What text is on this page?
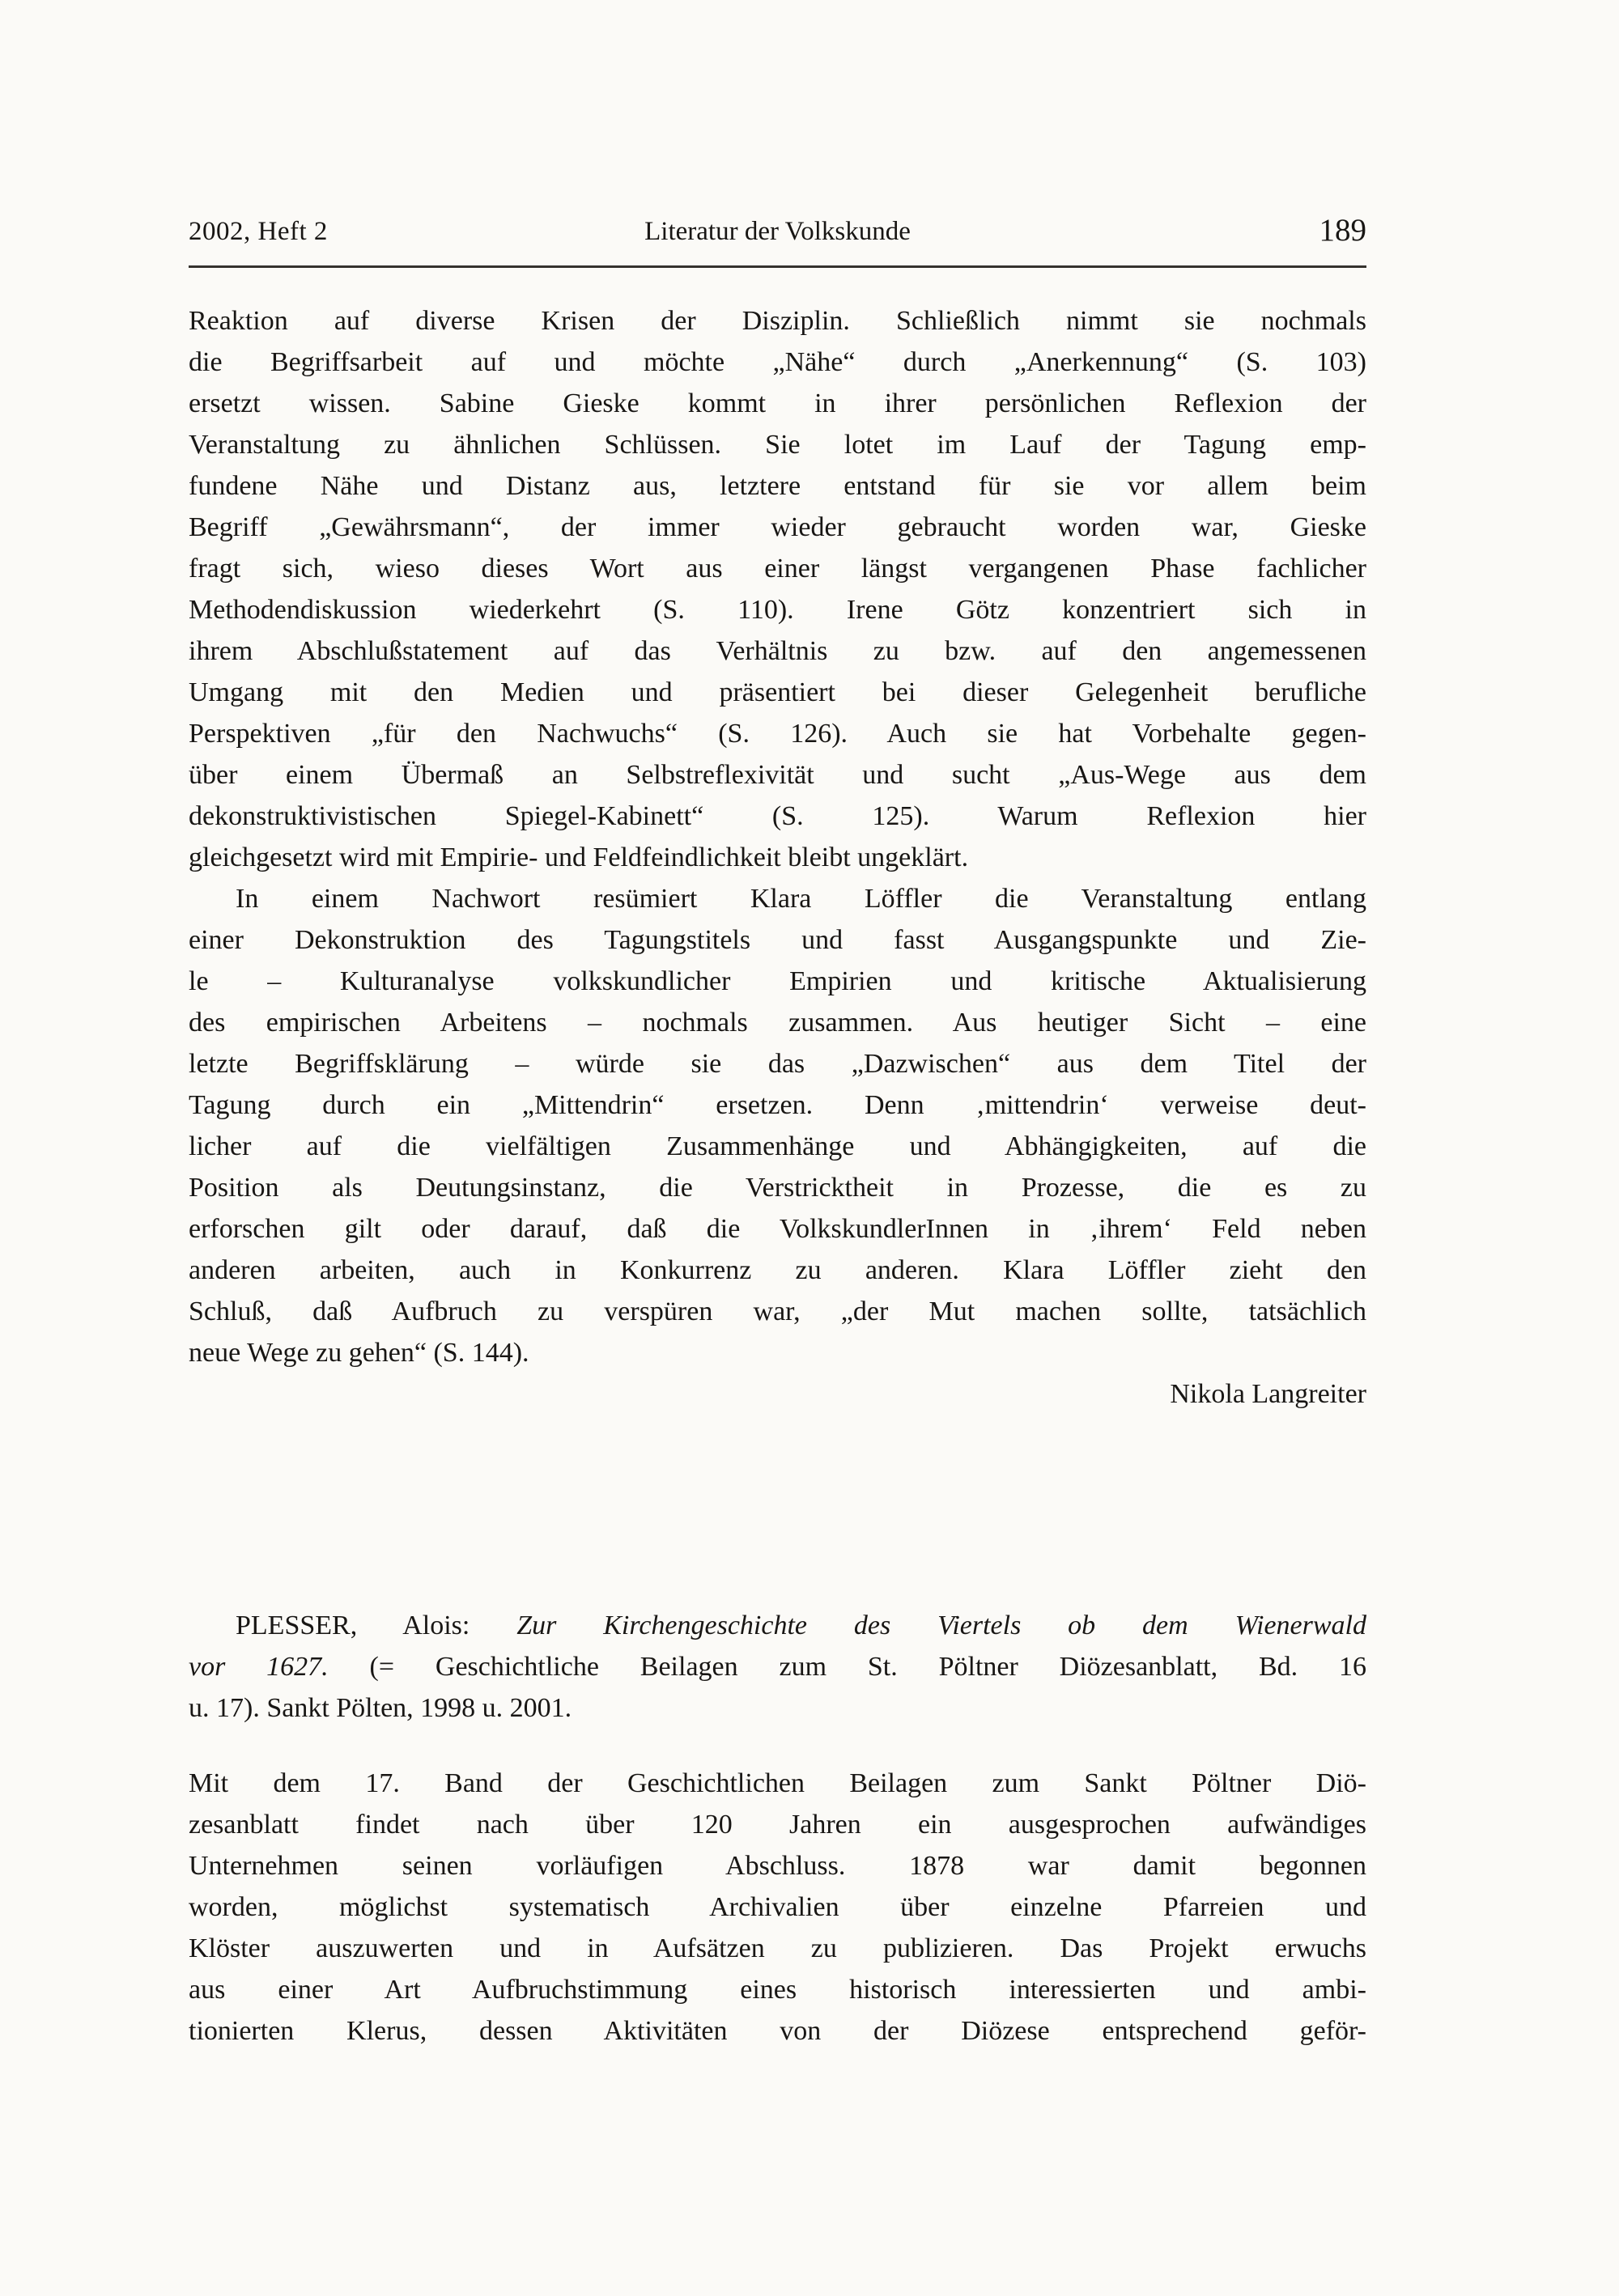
2002, Heft 2	Literatur der Volkskunde	189
Reaktion auf diverse Krisen der Disziplin. Schließlich nimmt sie nochmals
die Begriffsarbeit auf und möchte „Nähe“ durch „Anerkennung“ (S. 103)
ersetzt wissen. Sabine Gieske kommt in ihrer persönlichen Reflexion der
Veranstaltung zu ähnlichen Schlüssen. Sie lotet im Lauf der Tagung emp-
fundene Nähe und Distanz aus, letztere entstand für sie vor allem beim
Begriff „Gewährsmann“, der immer wieder gebraucht worden war, Gieske
fragt sich, wieso dieses Wort aus einer längst vergangenen Phase fachlicher
Methodendiskussion wiederkehrt (S. 110). Irene Götz konzentriert sich in
ihrem Abschlußstatement auf das Verhältnis zu bzw. auf den angemessenen
Umgang mit den Medien und präsentiert bei dieser Gelegenheit berufliche
Perspektiven „für den Nachwuchs“ (S. 126). Auch sie hat Vorbehalte gegen-
über einem Übermaß an Selbstreflexivität und sucht „Aus-Wege aus dem
dekonstruktivistischen Spiegel-Kabinett“ (S. 125). Warum Reflexion hier
gleichgesetzt wird mit Empirie- und Feldfeindlichkeit bleibt ungeklärt.
In einem Nachwort resümiert Klara Löffler die Veranstaltung entlang
einer Dekonstruktion des Tagungstitels und fasst Ausgangspunkte und Zie-
le – Kulturanalyse volkskundlicher Empirien und kritische Aktualisierung
des empirischen Arbeitens – nochmals zusammen. Aus heutiger Sicht – eine
letzte Begriffsklärung – würde sie das „Dazwischen“ aus dem Titel der
Tagung durch ein „Mittendrin“ ersetzen. Denn ‚mittendrin‘ verweise deut-
licher auf die vielfältigen Zusammenhänge und Abhängigkeiten, auf die
Position als Deutungsinstanz, die Verstricktheit in Prozesse, die es zu
erforschen gilt oder darauf, daß die VolkskundlerInnen in ‚ihrem‘ Feld neben
anderen arbeiten, auch in Konkurrenz zu anderen. Klara Löffler zieht den
Schluß, daß Aufbruch zu verspüren war, „der Mut machen sollte, tatsächlich
neue Wege zu gehen“ (S. 144).
Nikola Langreiter
PLESSER, Alois: Zur Kirchengeschichte des Viertels ob dem Wienerwald
vor 1627. (= Geschichtliche Beilagen zum St. Pöltner Diözesanblatt, Bd. 16
u. 17). Sankt Pölten, 1998 u. 2001.
Mit dem 17. Band der Geschichtlichen Beilagen zum Sankt Pöltner Diö-
zesanblatt findet nach über 120 Jahren ein ausgesprochen aufwändiges
Unternehmen seinen vorläufigen Abschluss. 1878 war damit begonnen
worden, möglichst systematisch Archivalien über einzelne Pfarreien und
Klöster auszuwerten und in Aufsätzen zu publizieren. Das Projekt erwuchs
aus einer Art Aufbruchstimmung eines historisch interessierten und ambi-
tionierten Klerus, dessen Aktivitäten von der Diözese entsprechend geför-
